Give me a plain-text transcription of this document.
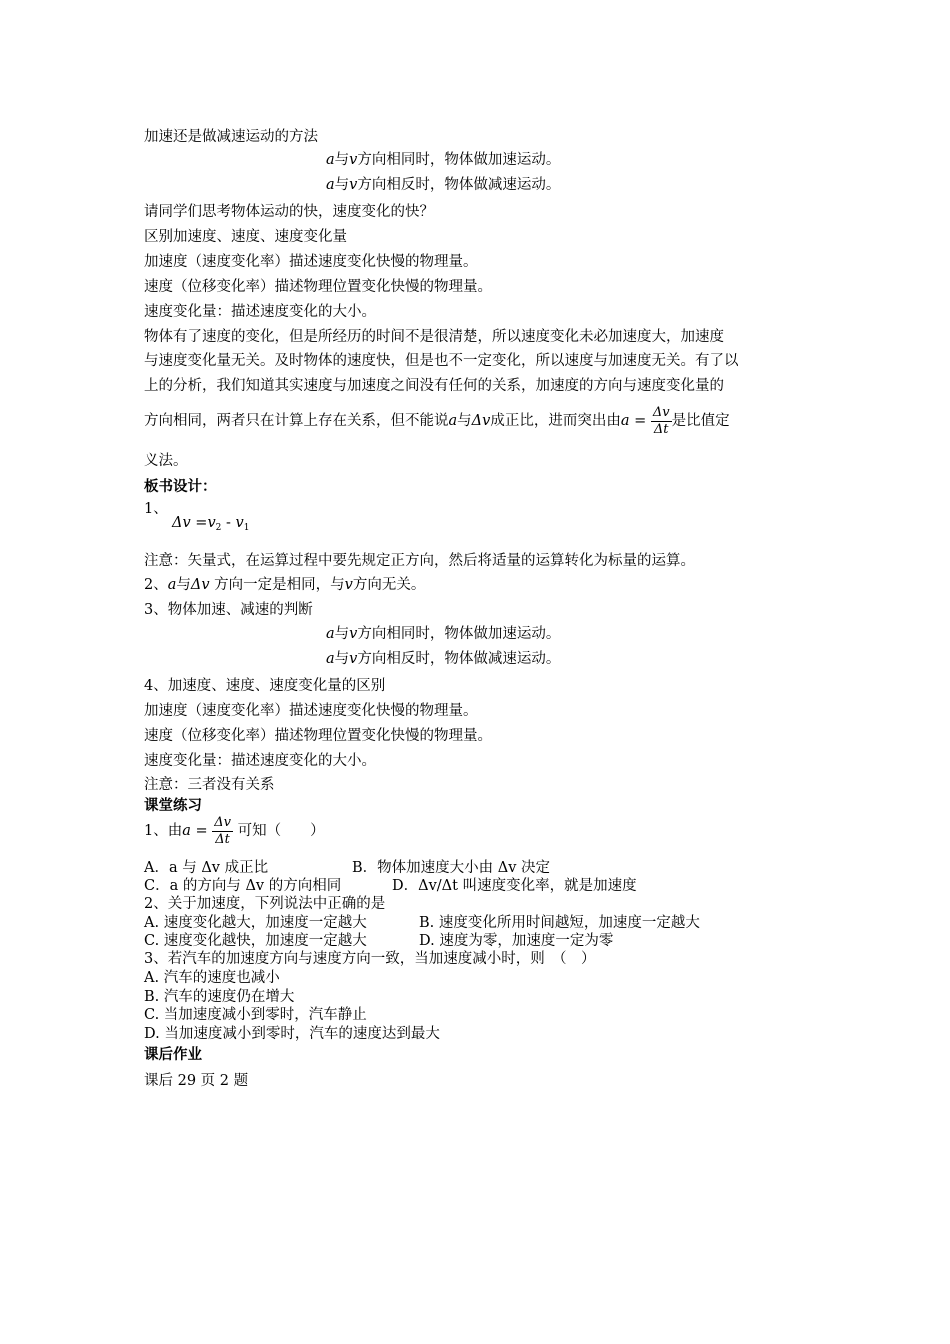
加速还是做减速运动的方法
a与v方向相同时，物体做加速运动。
a与v方向相反时，物体做减速运动。
请同学们思考物体运动的快，速度变化的快？
区别加速度、速度、速度变化量
加速度（速度变化率）描述速度变化快慢的物理量。
速度（位移变化率）描述物理位置变化快慢的物理量。
速度变化量：描述速度变化的大小。
物体有了速度的变化，但是所经历的时间不是很清楚，所以速度变化未必加速度大，加速度
与速度变化量无关。及时物体的速度快，但是也不一定变化，所以速度与加速度无关。有了以
上的分析，我们知道其实速度与加速度之间没有任何的关系，加速度的方向与速度变化量的
方向相同，两者只在计算上存在关系，但不能说a与Δv成正比，进而突出由$a = \frac{\Delta v}{\Delta t}$ 是比值定
义法。
板书设计：
1、
$\Delta v =v_2 - v_1$
注意：矢量式，在运算过程中要先规定正方向，然后将适量的运算转化为标量的运算。
2、a与Δv 方向一定是相同，与v方向无关。
3、物体加速、减速的判断
a与v方向相同时，物体做加速运动。
a与v方向相反时，物体做减速运动。
4、加速度、速度、速度变化量的区别
加速度（速度变化率）描述速度变化快慢的物理量。
速度（位移变化率）描述物理位置变化快慢的物理量。
速度变化量：描述速度变化的大小。
注意：三者没有关系
课堂练习
1、由$a = \frac{\Delta v}{\Delta t}$ 可知（　　）
A．a 与 Δv 成正比	B．物体加速度大小由 Δv 决定
C．a 的方向与 Δv 的方向相同	D．Δv/Δt 叫速度变化率，就是加速度
2、关于加速度，下列说法中正确的是
A. 速度变化越大，加速度一定越大	B. 速度变化所用时间越短，加速度一定越大
C. 速度变化越快，加速度一定越大	D. 速度为零，加速度一定为零
3、若汽车的加速度方向与速度方向一致，当加速度减小时，则　（　）
A. 汽车的速度也减小
B. 汽车的速度仍在增大
C. 当加速度减小到零时，汽车静止
D. 当加速度减小到零时，汽车的速度达到最大
课后作业
课后 29 页 2 题
